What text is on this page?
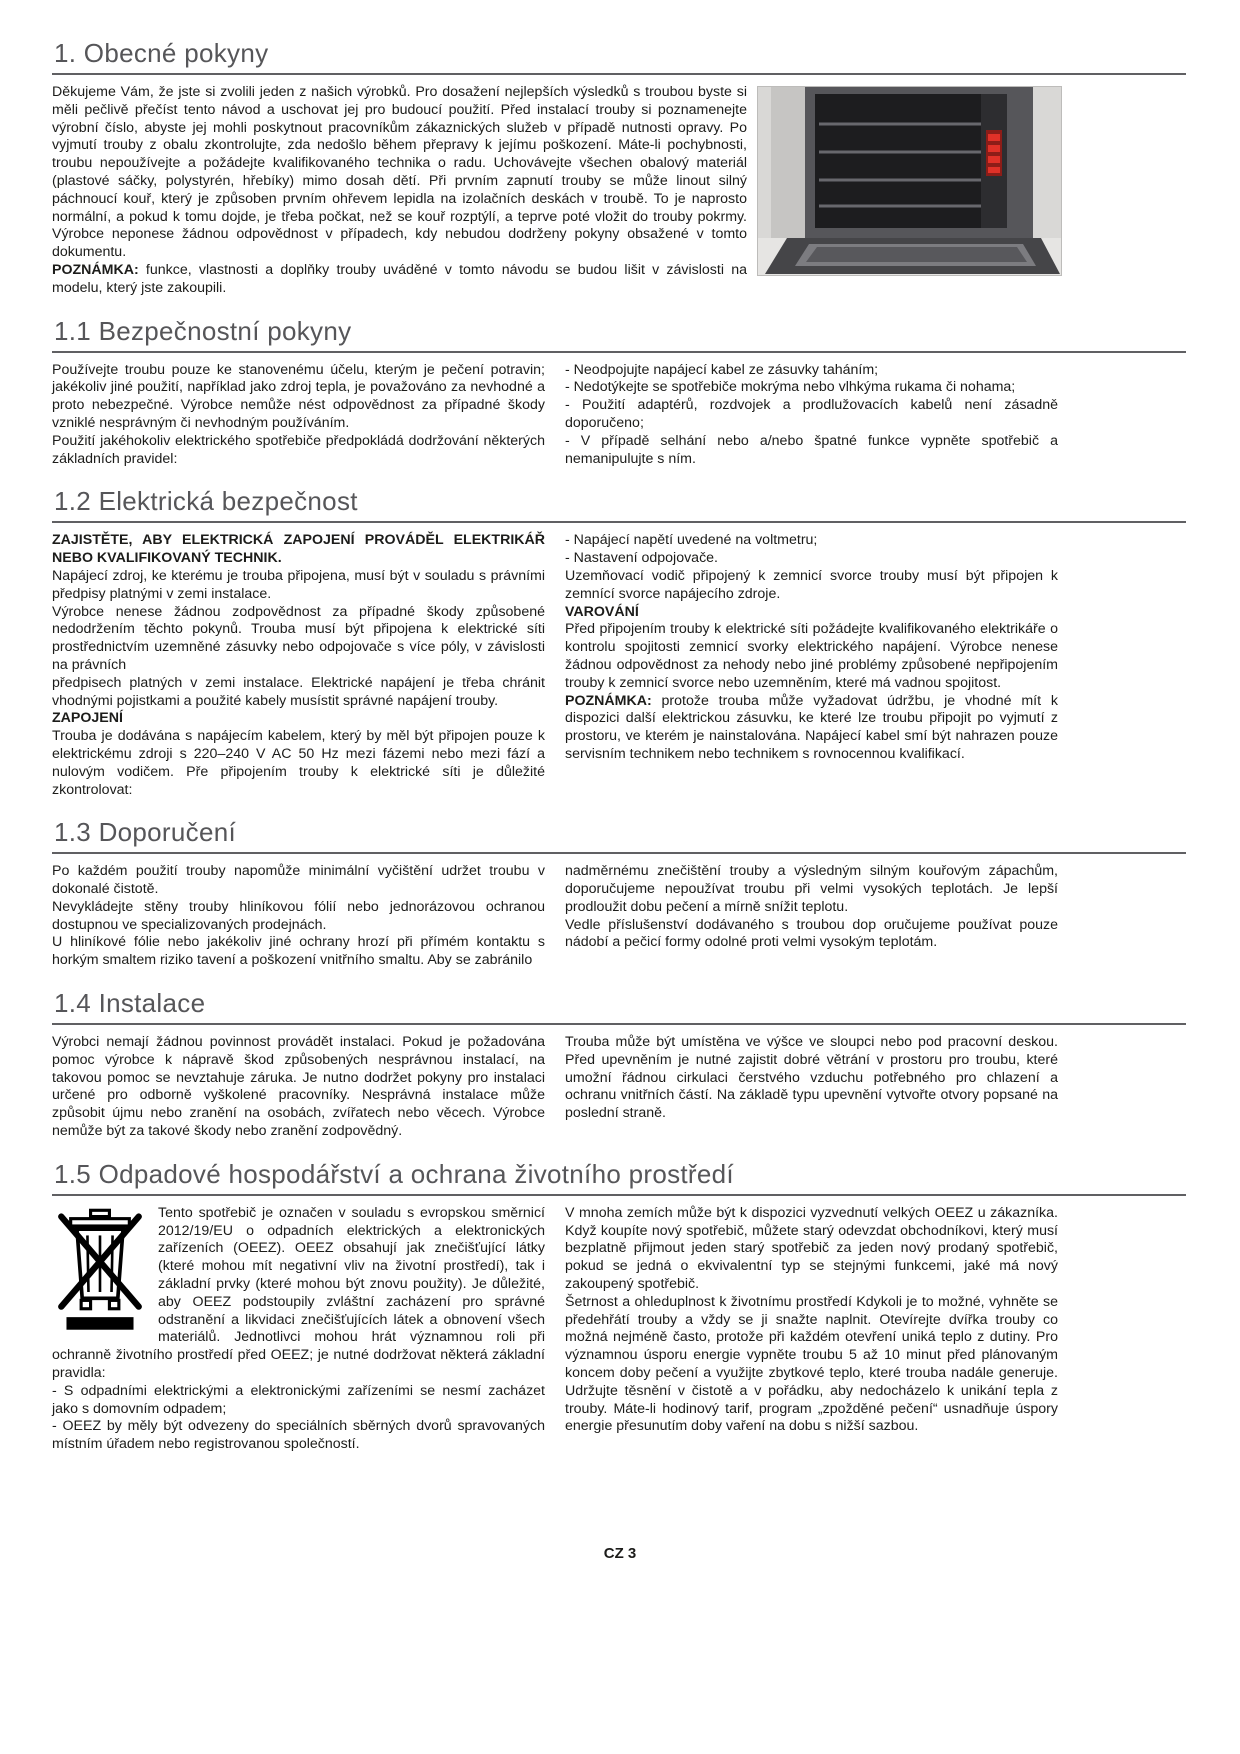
1. Obecné pokyny

Děkujeme Vám, že jste si zvolili jeden z našich výrobků. Pro dosažení nejlepších výsledků s troubou byste si měli pečlivě přečíst tento návod a uschovat jej pro budoucí použití. Před instalací trouby si poznamenejte výrobní číslo, abyste jej mohli poskytnout pracovníkům zákaznických služeb v případě nutnosti opravy. Po vyjmutí trouby z obalu zkontrolujte, zda nedošlo během přepravy k jejímu poškození. Máte-li pochybnosti, troubu nepoužívejte a požádejte kvalifikovaného technika o radu. Uchovávejte všechen obalový materiál (plastové sáčky, polystyrén, hřebíky) mimo dosah dětí. Při prvním zapnutí trouby se může linout silný páchnoucí kouř, který je způsoben prvním ohřevem lepidla na izolačních deskách v troubě. To je naprosto normální, a pokud k tomu dojde, je třeba počkat, než se kouř rozptýlí, a teprve poté vložit do trouby pokrmy. Výrobce neponese žádnou odpovědnost v případech, kdy nebudou dodrženy pokyny obsažené v tomto dokumentu.

POZNÁMKA: funkce, vlastnosti a doplňky trouby uváděné v tomto návodu se budou lišit v závislosti na modelu, který jste zakoupili.

1.1 Bezpečnostní pokyny

Používejte troubu pouze ke stanovenému účelu, kterým je pečení potravin; jakékoliv jiné použití, například jako zdroj tepla, je považováno za nevhodné a proto nebezpečné. Výrobce nemůže nést odpovědnost za případné škody vzniklé nesprávným či nevhodným používáním.

Použití jakéhokoliv elektrického spotřebiče předpokládá dodržování některých základních pravidel:

- Neodpojujte napájecí kabel ze zásuvky taháním;

- Nedotýkejte se spotřebiče mokrýma nebo vlhkýma rukama či nohama;

- Použití adaptérů, rozdvojek a prodlužovacích kabelů není zásadně doporučeno;

- V případě selhání nebo a/nebo špatné funkce vypněte spotřebič a nemanipulujte s ním.

1.2 Elektrická bezpečnost

ZAJISTĚTE, ABY ELEKTRICKÁ ZAPOJENÍ PROVÁDĚL ELEKTRIKÁŘ NEBO KVALIFIKOVANÝ TECHNIK.

Napájecí zdroj, ke kterému je trouba připojena, musí být v souladu s právními předpisy platnými v zemi instalace.

Výrobce nenese žádnou zodpovědnost za případné škody způsobené nedodržením těchto pokynů. Trouba musí být připojena k elektrické síti prostřednictvím uzemněné zásuvky nebo odpojovače s více póly, v závislosti na právních

předpisech platných v zemi instalace. Elektrické napájení je třeba chránit vhodnými pojistkami a použité kabely musístit správné napájení trouby.

ZAPOJENÍ

Trouba je dodávána s napájecím kabelem, který by měl být připojen pouze k elektrickému zdroji s 220–240 V AC 50 Hz mezi fázemi nebo mezi fází a nulovým vodičem. Pře připojením trouby k elektrické síti je důležité zkontrolovat:

- Napájecí napětí uvedené na voltmetru;

- Nastavení odpojovače.

Uzemňovací vodič připojený k zemnicí svorce trouby musí být připojen k zemnící svorce napájecího zdroje.

VAROVÁNÍ

Před připojením trouby k elektrické síti požádejte kvalifikovaného elektrikáře o kontrolu spojitosti zemnicí svorky elektrického napájení. Výrobce nenese žádnou odpovědnost za nehody nebo jiné problémy způsobené nepřipojením trouby k zemnicí svorce nebo uzemněním, které má vadnou spojitost.

POZNÁMKA: protože trouba může vyžadovat údržbu, je vhodné mít k dispozici další elektrickou zásuvku, ke které lze troubu připojit po vyjmutí z prostoru, ve kterém je nainstalována. Napájecí kabel smí být nahrazen pouze servisním technikem nebo technikem s rovnocennou kvalifikací.

1.3 Doporučení

Po každém použití trouby napomůže minimální vyčištění udržet troubu v dokonalé čistotě.

Nevykládejte stěny trouby hliníkovou fólií nebo jednorázovou ochranou dostupnou ve specializovaných prodejnách.

U hliníkové fólie nebo jakékoliv jiné ochrany hrozí při přímém kontaktu s horkým smaltem riziko tavení a poškození vnitřního smaltu. Aby se zabránilo

nadměrnému znečištění trouby a výsledným silným kouřovým zápachům, doporučujeme nepoužívat troubu při velmi vysokých teplotách. Je lepší prodloužit dobu pečení a mírně snížit teplotu.

Vedle příslušenství dodávaného s troubou dop oručujeme používat pouze nádobí a pečicí formy odolné proti velmi vysokým teplotám.

1.4 Instalace

Výrobci nemají žádnou povinnost provádět instalaci. Pokud je požadována pomoc výrobce k nápravě škod způsobených nesprávnou instalací, na takovou pomoc se nevztahuje záruka. Je nutno dodržet pokyny pro instalaci určené pro odborně vyškolené pracovníky. Nesprávná instalace může způsobit újmu nebo zranění na osobách, zvířatech nebo věcech. Výrobce nemůže být za takové škody nebo zranění zodpovědný.

Trouba může být umístěna ve výšce ve sloupci nebo pod pracovní deskou. Před upevněním je nutné zajistit dobré větrání v prostoru pro troubu, které umožní řádnou cirkulaci čerstvého vzduchu potřebného pro chlazení a ochranu vnitřních částí. Na základě typu upevnění vytvořte otvory popsané na poslední straně.

1.5 Odpadové hospodářství a ochrana životního prostředí

Tento spotřebič je označen v souladu s evropskou směrnicí 2012/19/EU o odpadních elektrických a elektronických zařízeních (OEEZ). OEEZ obsahují jak znečišťující látky (které mohou mít negativní vliv na životní prostředí), tak i základní prvky (které mohou být znovu použity). Je důležité, aby OEEZ podstoupily zvláštní zacházení pro správné odstranění a likvidaci znečišťujících látek a obnovení všech materiálů. Jednotlivci mohou hrát významnou roli při ochranně životního prostředí před OEEZ; je nutné dodržovat některá základní pravidla:

- S odpadními elektrickými a elektronickými zařízeními se nesmí zacházet jako s domovním odpadem;

- OEEZ by měly být odvezeny do speciálních sběrných dvorů spravovaných místním úřadem nebo registrovanou společností.

V mnoha zemích může být k dispozici vyzvednutí velkých OEEZ u zákazníka. Když koupíte nový spotřebič, můžete starý odevzdat obchodníkovi, který musí bezplatně přijmout jeden starý spotřebič za jeden nový prodaný spotřebič, pokud se jedná o ekvivalentní typ se stejnými funkcemi, jaké má nový zakoupený spotřebič.

Šetrnost a ohleduplnost k životnímu prostředí Kdykoli je to možné, vyhněte se předehřátí trouby a vždy se ji snažte naplnit. Otevírejte dvířka trouby co možná nejméně často, protože při každém otevření uniká teplo z dutiny. Pro významnou úsporu energie vypněte troubu 5 až 10 minut před plánovaným koncem doby pečení a využijte zbytkové teplo, které trouba nadále generuje. Udržujte těsnění v čistotě a v pořádku, aby nedocházelo k unikání tepla z trouby. Máte-li hodinový tarif, program „zpožděné pečení“ usnadňuje úspory energie přesunutím doby vaření na dobu s nižší sazbou.

CZ 3
